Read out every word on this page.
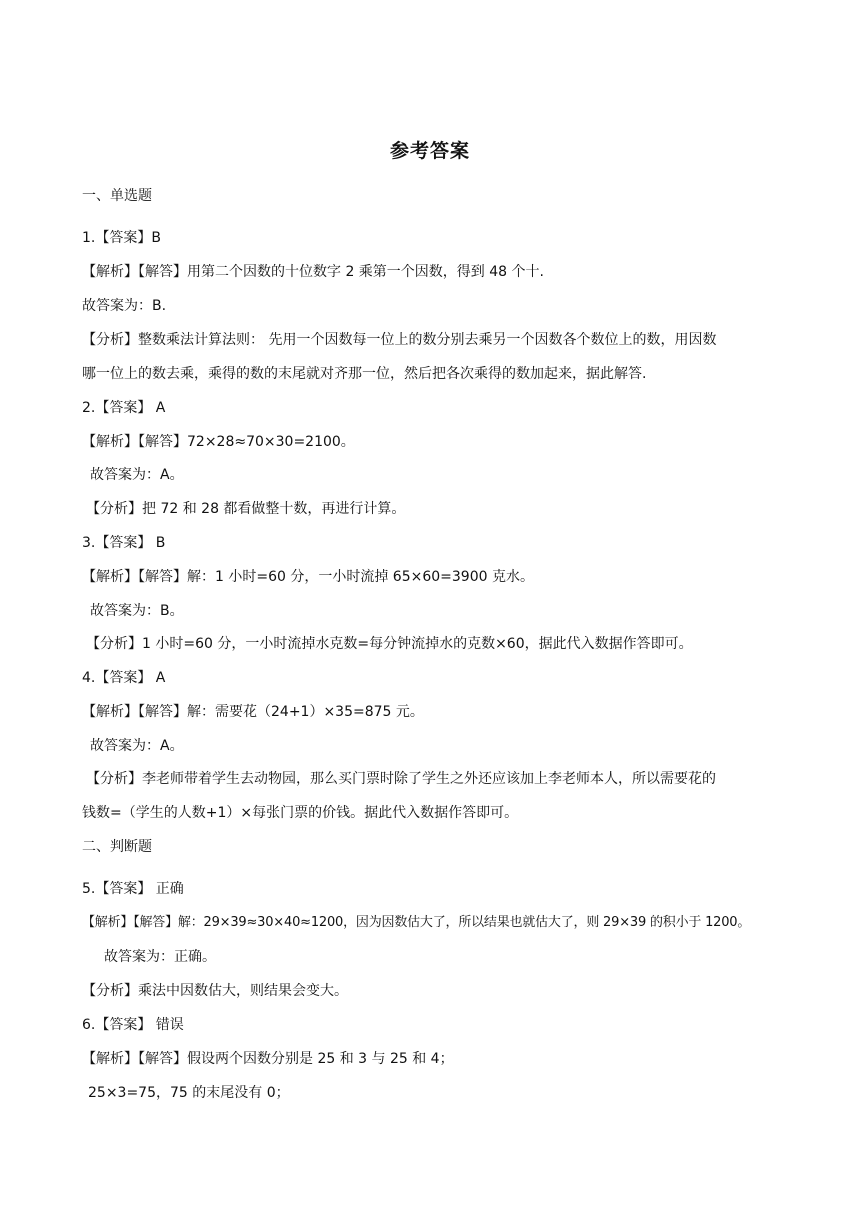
参考答案
一、单选题
1.【答案】B
【解析】【解答】用第二个因数的十位数字 2 乘第一个因数，得到 48 个十.
故答案为：B.
【分析】整数乘法计算法则： 先用一个因数每一位上的数分别去乘另一个因数各个数位上的数，用因数
哪一位上的数去乘，乘得的数的末尾就对齐那一位，然后把各次乘得的数加起来，据此解答.
2.【答案】 A
【解析】【解答】72×28≈70×30=2100。
故答案为：A。
【分析】把 72 和 28 都看做整十数，再进行计算。
3.【答案】 B
【解析】【解答】解：1 小时=60 分，一小时流掉 65×60=3900 克水。
故答案为：B。
【分析】1 小时=60 分，一小时流掉水克数=每分钟流掉水的克数×60，据此代入数据作答即可。
4.【答案】 A
【解析】【解答】解：需要花（24+1）×35=875 元。
故答案为：A。
【分析】李老师带着学生去动物园，那么买门票时除了学生之外还应该加上李老师本人，所以需要花的
钱数=（学生的人数+1）×每张门票的价钱。据此代入数据作答即可。
二、判断题
5.【答案】 正确
【解析】【解答】解：29×39≈30×40≈1200，因为因数估大了，所以结果也就估大了，则 29×39 的积小于 1200。
故答案为：正确。
【分析】乘法中因数估大，则结果会变大。
6.【答案】 错误
【解析】【解答】假设两个因数分别是 25 和 3 与 25 和 4；
25×3=75，75 的末尾没有 0；
